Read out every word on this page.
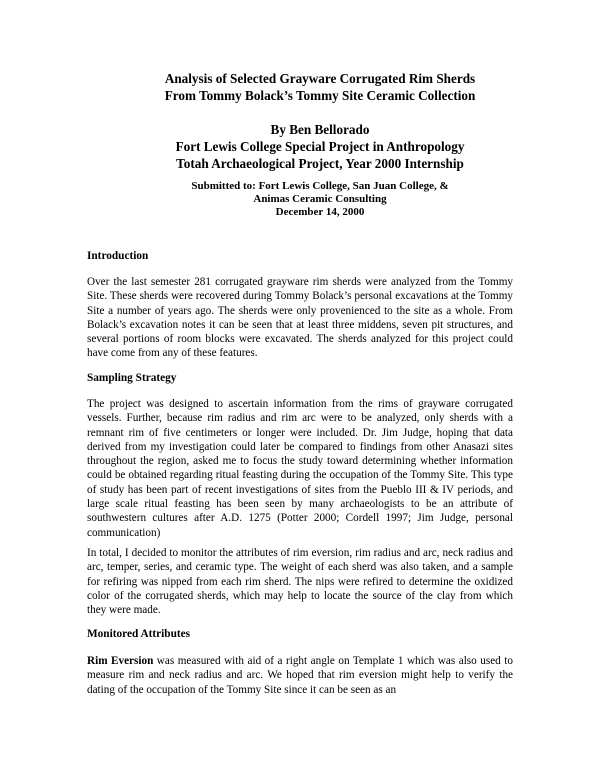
Analysis of Selected Grayware Corrugated Rim Sherds
From Tommy Bolack’s Tommy Site Ceramic Collection
By Ben Bellorado
Fort Lewis College Special Project in Anthropology
Totah Archaeological Project, Year 2000 Internship
Submitted to: Fort Lewis College, San Juan College, &
Animas Ceramic Consulting
December 14, 2000
Introduction

Over the last semester 281 corrugated grayware rim sherds were analyzed from the Tommy Site. These sherds were recovered during Tommy Bolack’s personal excavations at the Tommy Site a number of years ago. The sherds were only provenienced to the site as a whole. From Bolack’s excavation notes it can be seen that at least three middens, seven pit structures, and several portions of room blocks were excavated. The sherds analyzed for this project could have come from any of these features.

Sampling Strategy

The project was designed to ascertain information from the rims of grayware corrugated vessels. Further, because rim radius and rim arc were to be analyzed, only sherds with a remnant rim of five centimeters or longer were included. Dr. Jim Judge, hoping that data derived from my investigation could later be compared to findings from other Anasazi sites throughout the region, asked me to focus the study toward determining whether information could be obtained regarding ritual feasting during the occupation of the Tommy Site. This type of study has been part of recent investigations of sites from the Pueblo III & IV periods, and large scale ritual feasting has been seen by many archaeologists to be an attribute of southwestern cultures after A.D. 1275 (Potter 2000; Cordell 1997; Jim Judge, personal communication)

In total, I decided to monitor the attributes of rim eversion, rim radius and arc, neck radius and arc, temper, series, and ceramic type. The weight of each sherd was also taken, and a sample for refiring was nipped from each rim sherd. The nips were refired to determine the oxidized color of the corrugated sherds, which may help to locate the source of the clay from which they were made.

Monitored Attributes

Rim Eversion was measured with aid of a right angle on Template 1 which was also used to measure rim and neck radius and arc. We hoped that rim eversion might help to verify the dating of the occupation of the Tommy Site since it can be seen as an
